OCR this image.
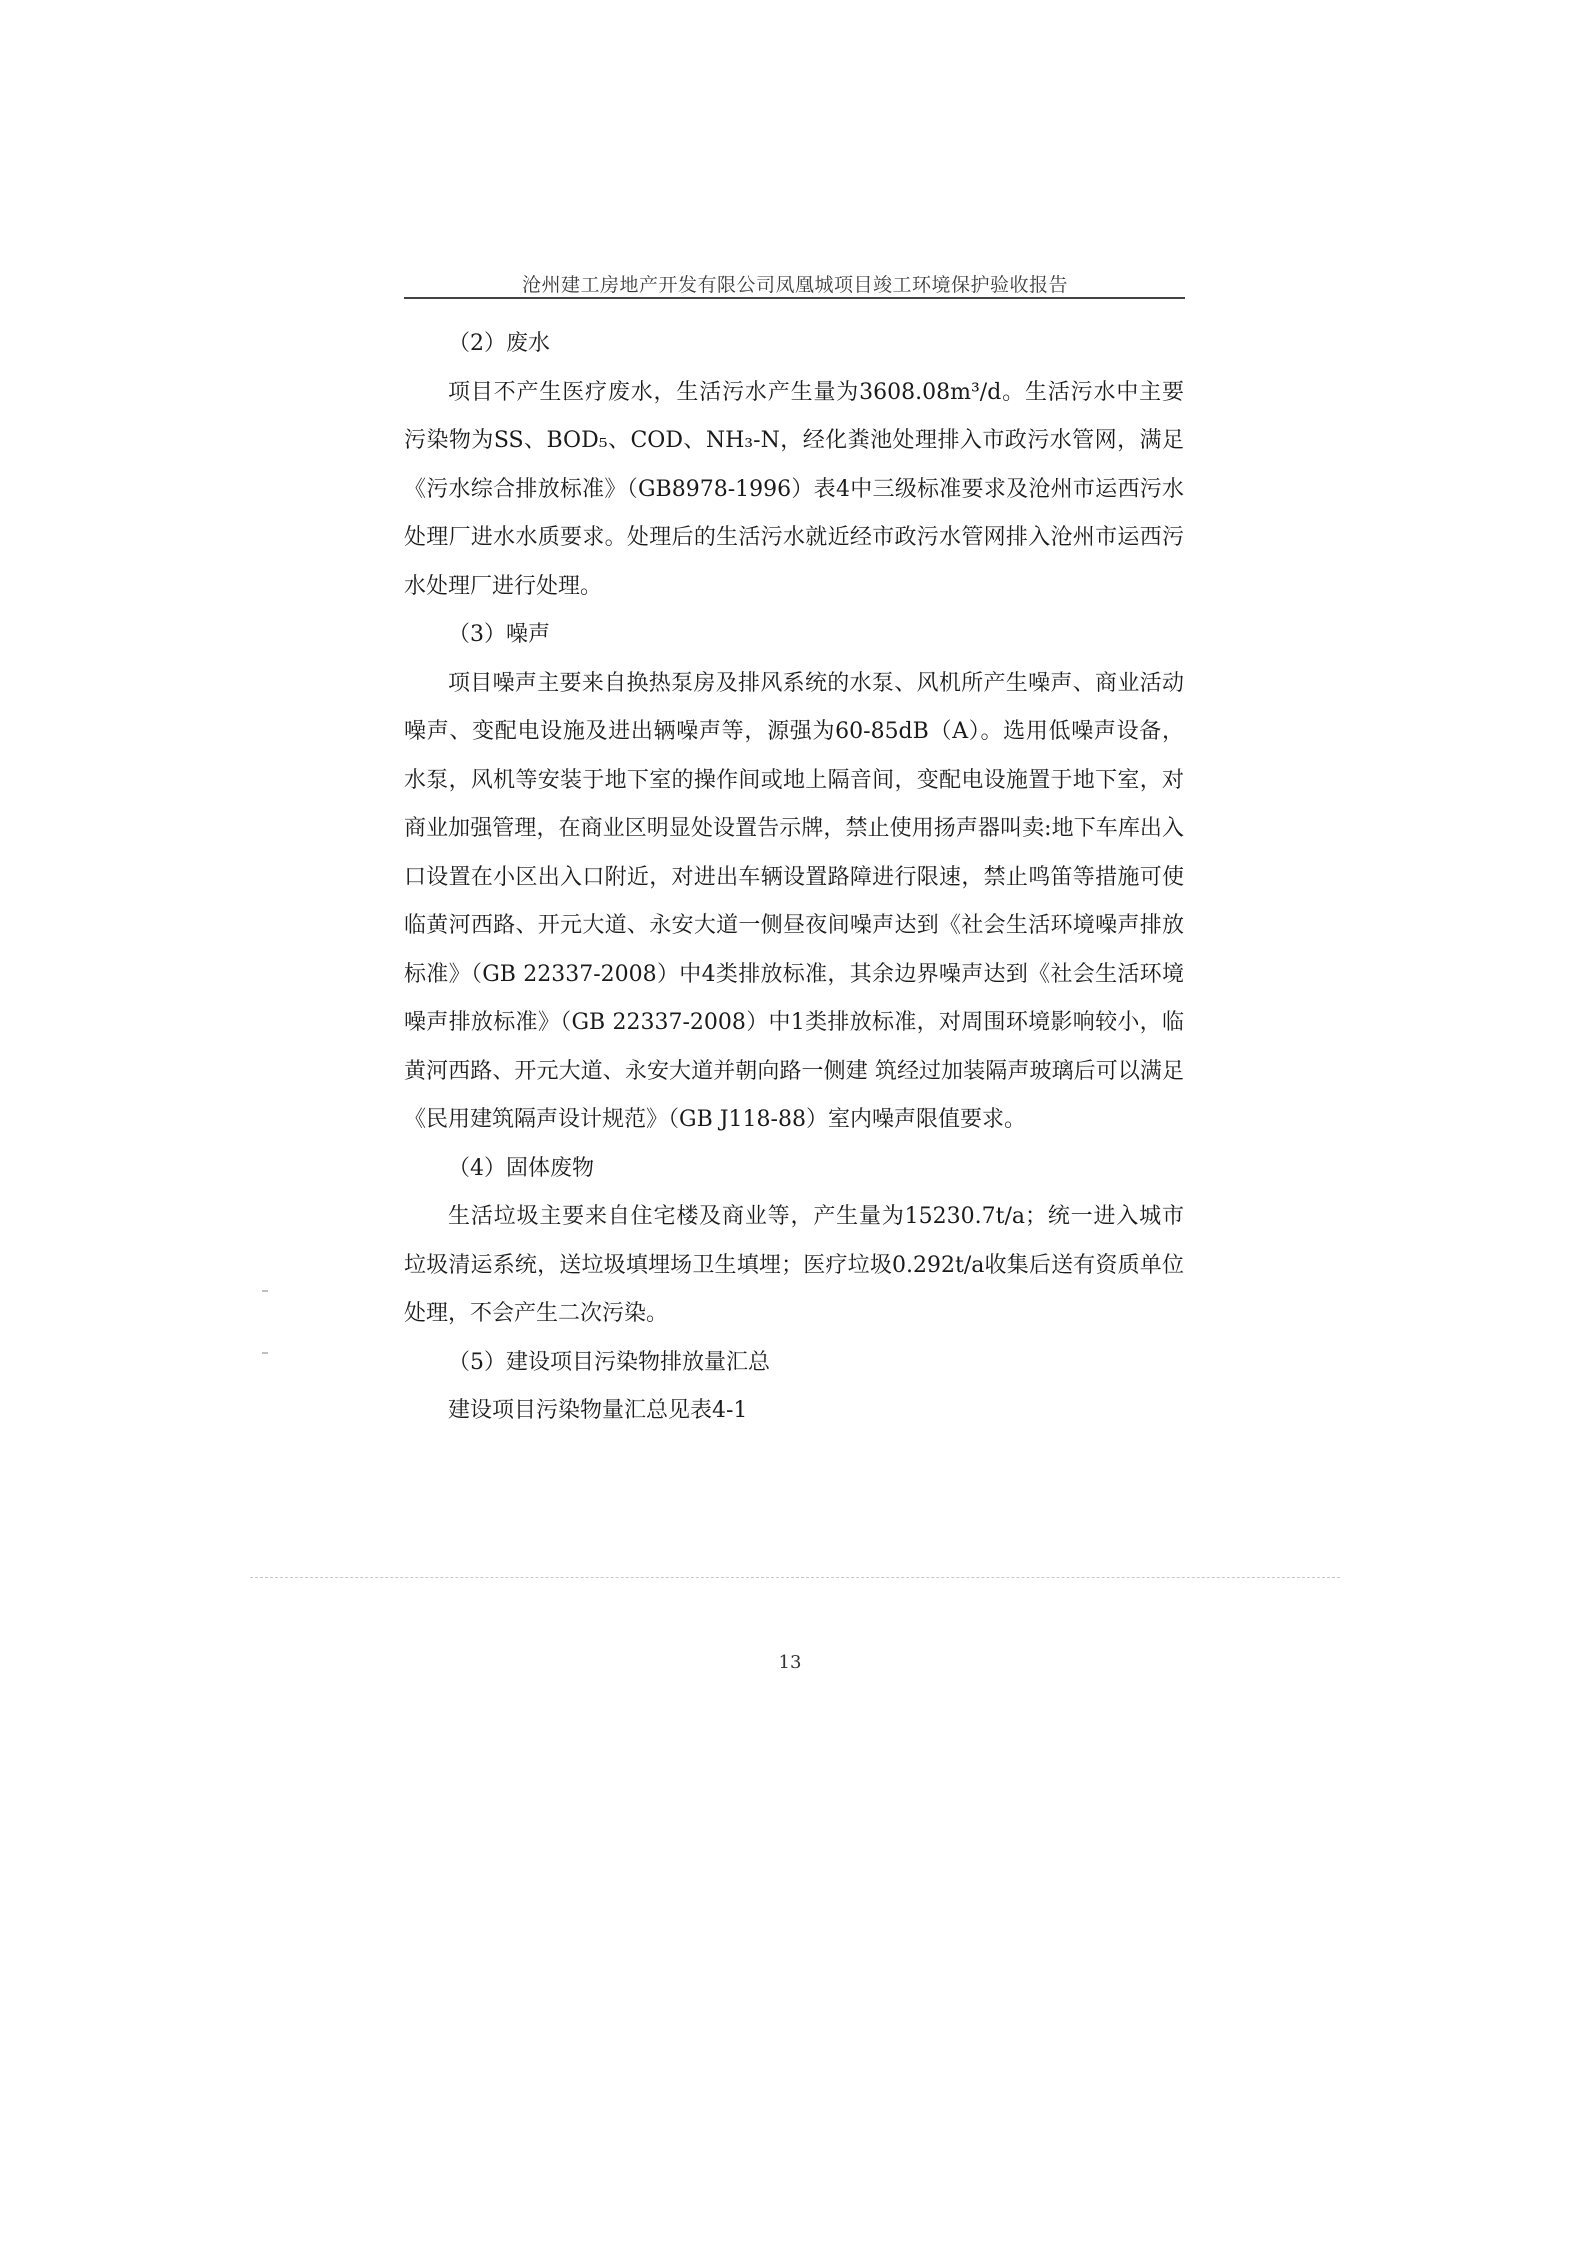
沧州建工房地产开发有限公司凤凰城项目竣工环境保护验收报告

（2）废水

项目不产生医疗废水，生活污水产生量为3608.08m³/d。生活污水中主要污染物为SS、BOD₅、COD、NH₃-N，经化粪池处理排入市政污水管网，满足《污水综合排放标准》（GB8978-1996）表4中三级标准要求及沧州市运西污水处理厂进水水质要求。处理后的生活污水就近经市政污水管网排入沧州市运西污水处理厂进行处理。

（3）噪声

项目噪声主要来自换热泵房及排风系统的水泵、风机所产生噪声、商业活动噪声、变配电设施及进出辆噪声等，源强为60-85dB（A）。选用低噪声设备，水泵，风机等安装于地下室的操作间或地上隔音间，变配电设施置于地下室，对商业加强管理，在商业区明显处设置告示牌，禁止使用扬声器叫卖:地下车库出入口设置在小区出入口附近，对进出车辆设置路障进行限速，禁止鸣笛等措施可使临黄河西路、开元大道、永安大道一侧昼夜间噪声达到《社会生活环境噪声排放标准》（GB 22337-2008）中4类排放标准，其余边界噪声达到《社会生活环境噪声排放标准》（GB 22337-2008）中1类排放标准，对周围环境影响较小，临黄河西路、开元大道、永安大道并朝向路一侧建 筑经过加装隔声玻璃后可以满足《民用建筑隔声设计规范》（GB J118-88）室内噪声限值要求。

（4）固体废物

生活垃圾主要来自住宅楼及商业等，产生量为15230.7t/a；统一进入城市垃圾清运系统，送垃圾填埋场卫生填埋；医疗垃圾0.292t/a收集后送有资质单位处理，不会产生二次污染。

（5）建设项目污染物排放量汇总

建设项目污染物量汇总见表4-1

13
